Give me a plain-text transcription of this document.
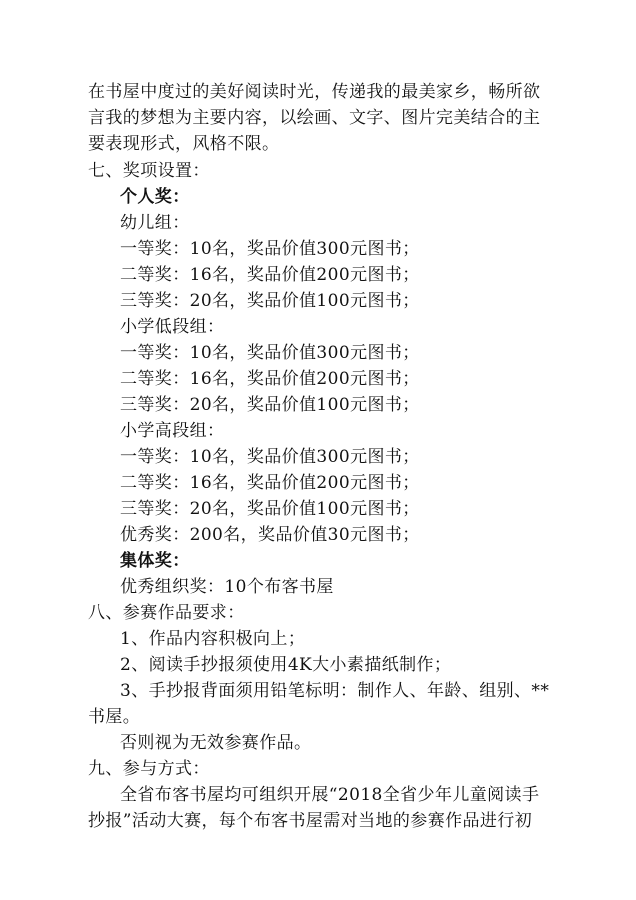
在书屋中度过的美好阅读时光，传递我的最美家乡，畅所欲
言我的梦想为主要内容，以绘画、文字、图片完美结合的主
要表现形式，风格不限。
七、奖项设置：
个人奖：
幼儿组：
一等奖：10名，奖品价值300元图书；
二等奖：16名，奖品价值200元图书；
三等奖：20名，奖品价值100元图书；
小学低段组：
一等奖：10名，奖品价值300元图书；
二等奖：16名，奖品价值200元图书；
三等奖：20名，奖品价值100元图书；
小学高段组：
一等奖：10名，奖品价值300元图书；
二等奖：16名，奖品价值200元图书；
三等奖：20名，奖品价值100元图书；
优秀奖：200名，奖品价值30元图书；
集体奖：
优秀组织奖：10个布客书屋
八、参赛作品要求：
1、作品内容积极向上；
2、阅读手抄报须使用4K大小素描纸制作；
3、手抄报背面须用铅笔标明：制作人、年龄、组别、**
书屋。
否则视为无效参赛作品。
九、参与方式：
全省布客书屋均可组织开展“2018全省少年儿童阅读手
抄报”活动大赛，每个布客书屋需对当地的参赛作品进行初
